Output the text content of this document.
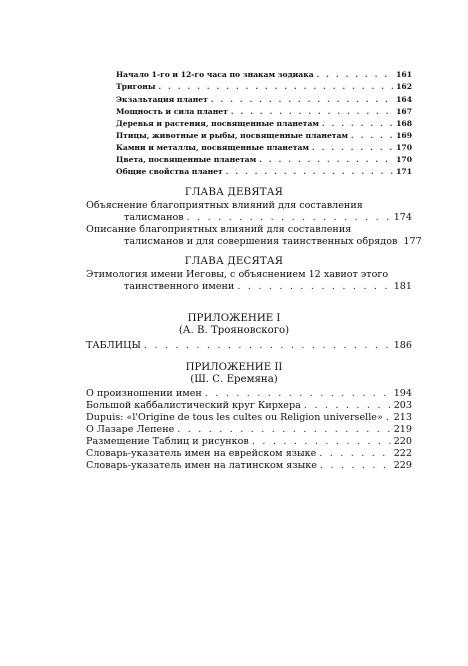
Начало 1-го и 12-го часа по знакам зодиака . . .	161
Тригоны . . .	162
Экзальтация планет . . .	164
Мощность и сила планет . . .	167
Деревья и растения, посвященные планетам . . .	168
Птицы, животные и рыбы, посвященные планетам . . .	169
Камни и металлы, посвященные планетам . . .	170
Цвета, посвященные планетам . . .	170
Общие свойства планет . . .	171
ГЛАВА ДЕВЯТАЯ
Объяснение благоприятных влияний для составления
талисманов . . .	174
Описание благоприятных влияний для составления
талисманов и для совершения таинственных обрядов 177
ГЛАВА ДЕСЯТАЯ
Этимология имени Иеговы, с объяснением 12 хавиот этого
таинственного имени . . .	181
ПРИЛОЖЕНИЕ I
(А. В. Трояновского)
ТАБЛИЦЫ . . .	186
ПРИЛОЖЕНИЕ II
(Ш. С. Еремяна)
О произношении имен . . .	194
Большой каббалистический круг Кирхера . . .	203
Dupuis: «l'Origine de tous les cultes ou Religion universelle» . . . 213
О Лазаре Лепене . . .	219
Размещение Таблиц и рисунков . . .	220
Словарь-указатель имен на еврейском языке . . .	222
Словарь-указатель имен на латинском языке . . .	229
